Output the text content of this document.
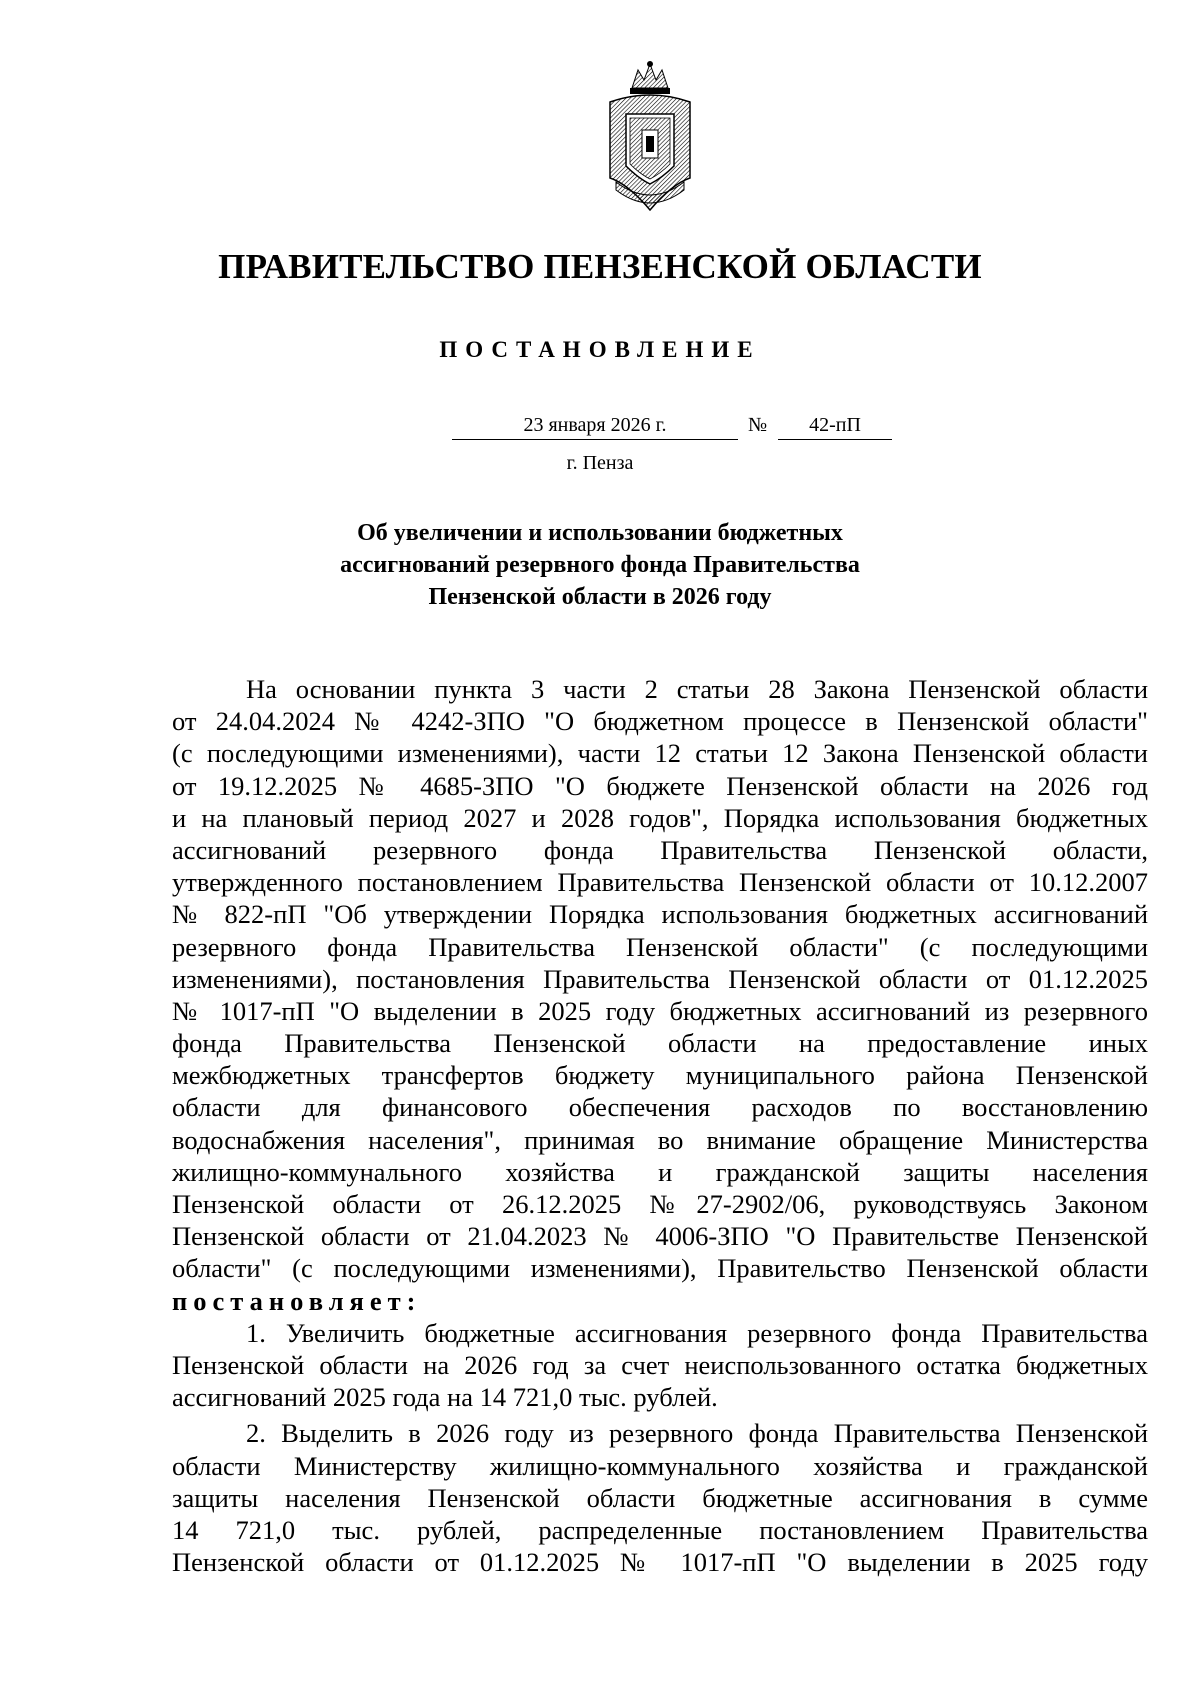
ПРАВИТЕЛЬСТВО ПЕНЗЕНСКОЙ ОБЛАСТИ
ПОСТАНОВЛЕНИЕ
23 января 2026 г.	№	42-пП
г. Пенза
Об увеличении и использовании бюджетных
ассигнований резервного фонда Правительства
Пензенской области в 2026 году
На основании пункта 3 части 2 статьи 28 Закона Пензенской области
от 24.04.2024 № 4242-ЗПО "О бюджетном процессе в Пензенской области"
(с последующими изменениями), части 12 статьи 12 Закона Пензенской области
от 19.12.2025 № 4685-ЗПО "О бюджете Пензенской области на 2026 год
и на плановый период 2027 и 2028 годов", Порядка использования бюджетных
ассигнований резервного фонда Правительства Пензенской области,
утвержденного постановлением Правительства Пензенской области от 10.12.2007
№ 822-пП "Об утверждении Порядка использования бюджетных ассигнований
резервного фонда Правительства Пензенской области" (с последующими
изменениями), постановления Правительства Пензенской области от 01.12.2025
№ 1017-пП "О выделении в 2025 году бюджетных ассигнований из резервного
фонда Правительства Пензенской области на предоставление иных
межбюджетных трансфертов бюджету муниципального района Пензенской
области для финансового обеспечения расходов по восстановлению
водоснабжения населения", принимая во внимание обращение Министерства
жилищно-коммунального хозяйства и гражданской защиты населения
Пензенской области от 26.12.2025 №27-2902/06, руководствуясь Законом
Пензенской области от 21.04.2023 № 4006-ЗПО "О Правительстве Пензенской
области" (с последующими изменениями), Правительство Пензенской области
постановляет:
1. Увеличить бюджетные ассигнования резервного фонда Правительства
Пензенской области на 2026 год за счет неиспользованного остатка бюджетных
ассигнований 2025 года на 14 721,0 тыс. рублей.
2. Выделить в 2026 году из резервного фонда Правительства Пензенской
области Министерству жилищно-коммунального хозяйства и гражданской
защиты населения Пензенской области бюджетные ассигнования в сумме
14 721,0 тыс. рублей, распределенные постановлением Правительства
Пензенской области от 01.12.2025 № 1017-пП "О выделении в 2025 году
